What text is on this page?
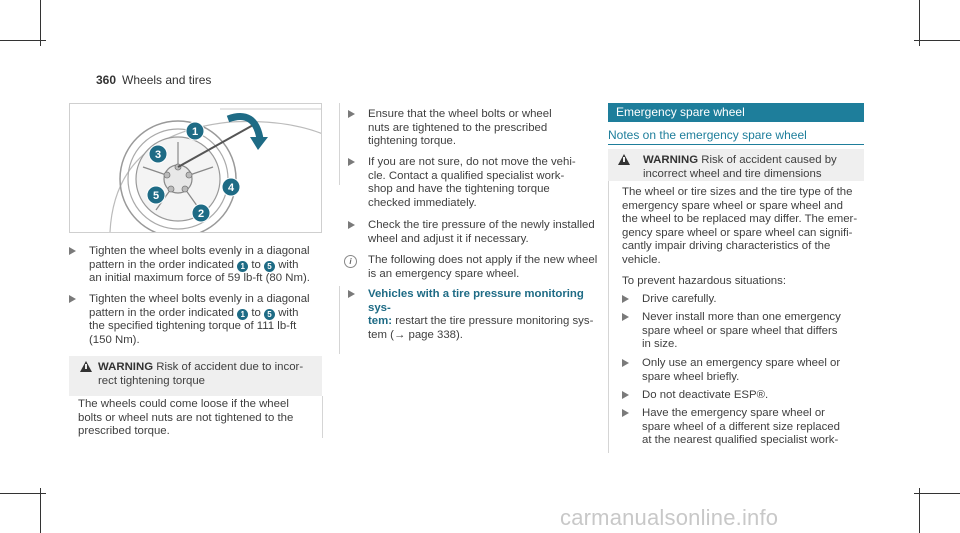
360 Wheels and tires
1
2
3
4
5
Tighten the wheel bolts evenly in a diagonal
pattern in the order indicated 1 to 5 with
an initial maximum force of 59 lb-ft (80 Nm).
Tighten the wheel bolts evenly in a diagonal
pattern in the order indicated 1 to 5 with
the specified tightening torque of 111 lb-ft
(150 Nm).
WARNING Risk of accident due to incor-
rect tightening torque
The wheels could come loose if the wheel
bolts or wheel nuts are not tightened to the
prescribed torque.
Ensure that the wheel bolts or wheel
nuts are tightened to the prescribed
tightening torque.
If you are not sure, do not move the vehi-
cle. Contact a qualified specialist work-
shop and have the tightening torque
checked immediately.
Check the tire pressure of the newly installed
wheel and adjust it if necessary.
i	The following does not apply if the new wheel
is an emergency spare wheel.
Vehicles with a tire pressure monitoring sys-
tem: restart the tire pressure monitoring sys-
tem (→ page 338).
Emergency spare wheel
Notes on the emergency spare wheel
WARNING Risk of accident caused by
incorrect wheel and tire dimensions
The wheel or tire sizes and the tire type of the
emergency spare wheel or spare wheel and
the wheel to be replaced may differ. The emer-
gency spare wheel or spare wheel can signifi-
cantly impair driving characteristics of the
vehicle.
To prevent hazardous situations:
Drive carefully.
Never install more than one emergency
spare wheel or spare wheel that differs
in size.
Only use an emergency spare wheel or
spare wheel briefly.
Do not deactivate ESP®.
Have the emergency spare wheel or
spare wheel of a different size replaced
at the nearest qualified specialist work-
carmanualsonline.info
